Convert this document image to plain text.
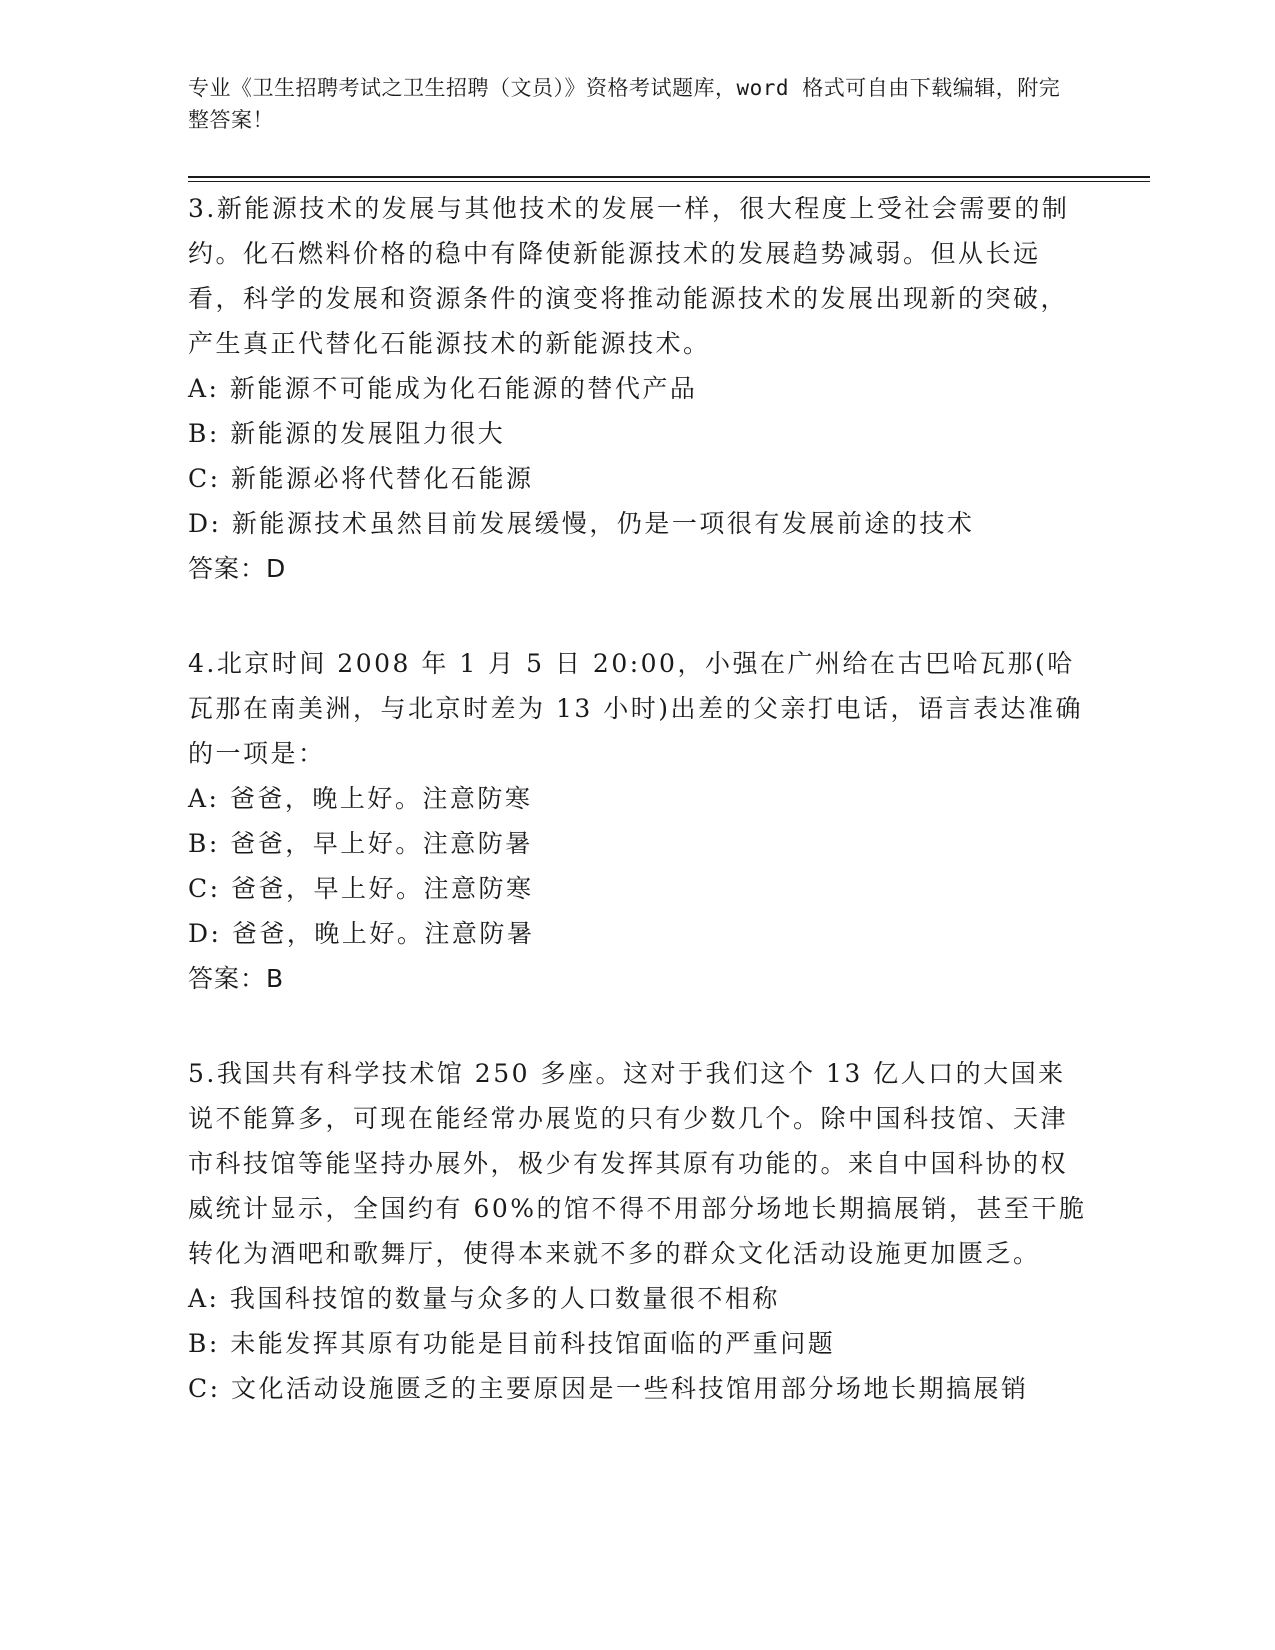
专业《卫生招聘考试之卫生招聘（文员）》资格考试题库，word 格式可自由下载编辑，附完整答案！

3.新能源技术的发展与其他技术的发展一样，很大程度上受社会需要的制约。化石燃料价格的稳中有降使新能源技术的发展趋势减弱。但从长远看，科学的发展和资源条件的演变将推动能源技术的发展出现新的突破，产生真正代替化石能源技术的新能源技术。

A: 新能源不可能成为化石能源的替代产品

B: 新能源的发展阻力很大

C: 新能源必将代替化石能源

D: 新能源技术虽然目前发展缓慢，仍是一项很有发展前途的技术

答案：D

4.北京时间 2008 年 1 月 5 日 20:00，小强在广州给在古巴哈瓦那(哈瓦那在南美洲，与北京时差为 13 小时)出差的父亲打电话，语言表达准确的一项是：

A: 爸爸，晚上好。注意防寒

B: 爸爸，早上好。注意防暑

C: 爸爸，早上好。注意防寒

D: 爸爸，晚上好。注意防暑

答案：B

5.我国共有科学技术馆 250 多座。这对于我们这个 13 亿人口的大国来说不能算多，可现在能经常办展览的只有少数几个。除中国科技馆、天津市科技馆等能坚持办展外，极少有发挥其原有功能的。来自中国科协的权威统计显示，全国约有 60%的馆不得不用部分场地长期搞展销，甚至干脆转化为酒吧和歌舞厅，使得本来就不多的群众文化活动设施更加匮乏。

A: 我国科技馆的数量与众多的人口数量很不相称

B: 未能发挥其原有功能是目前科技馆面临的严重问题

C: 文化活动设施匮乏的主要原因是一些科技馆用部分场地长期搞展销
